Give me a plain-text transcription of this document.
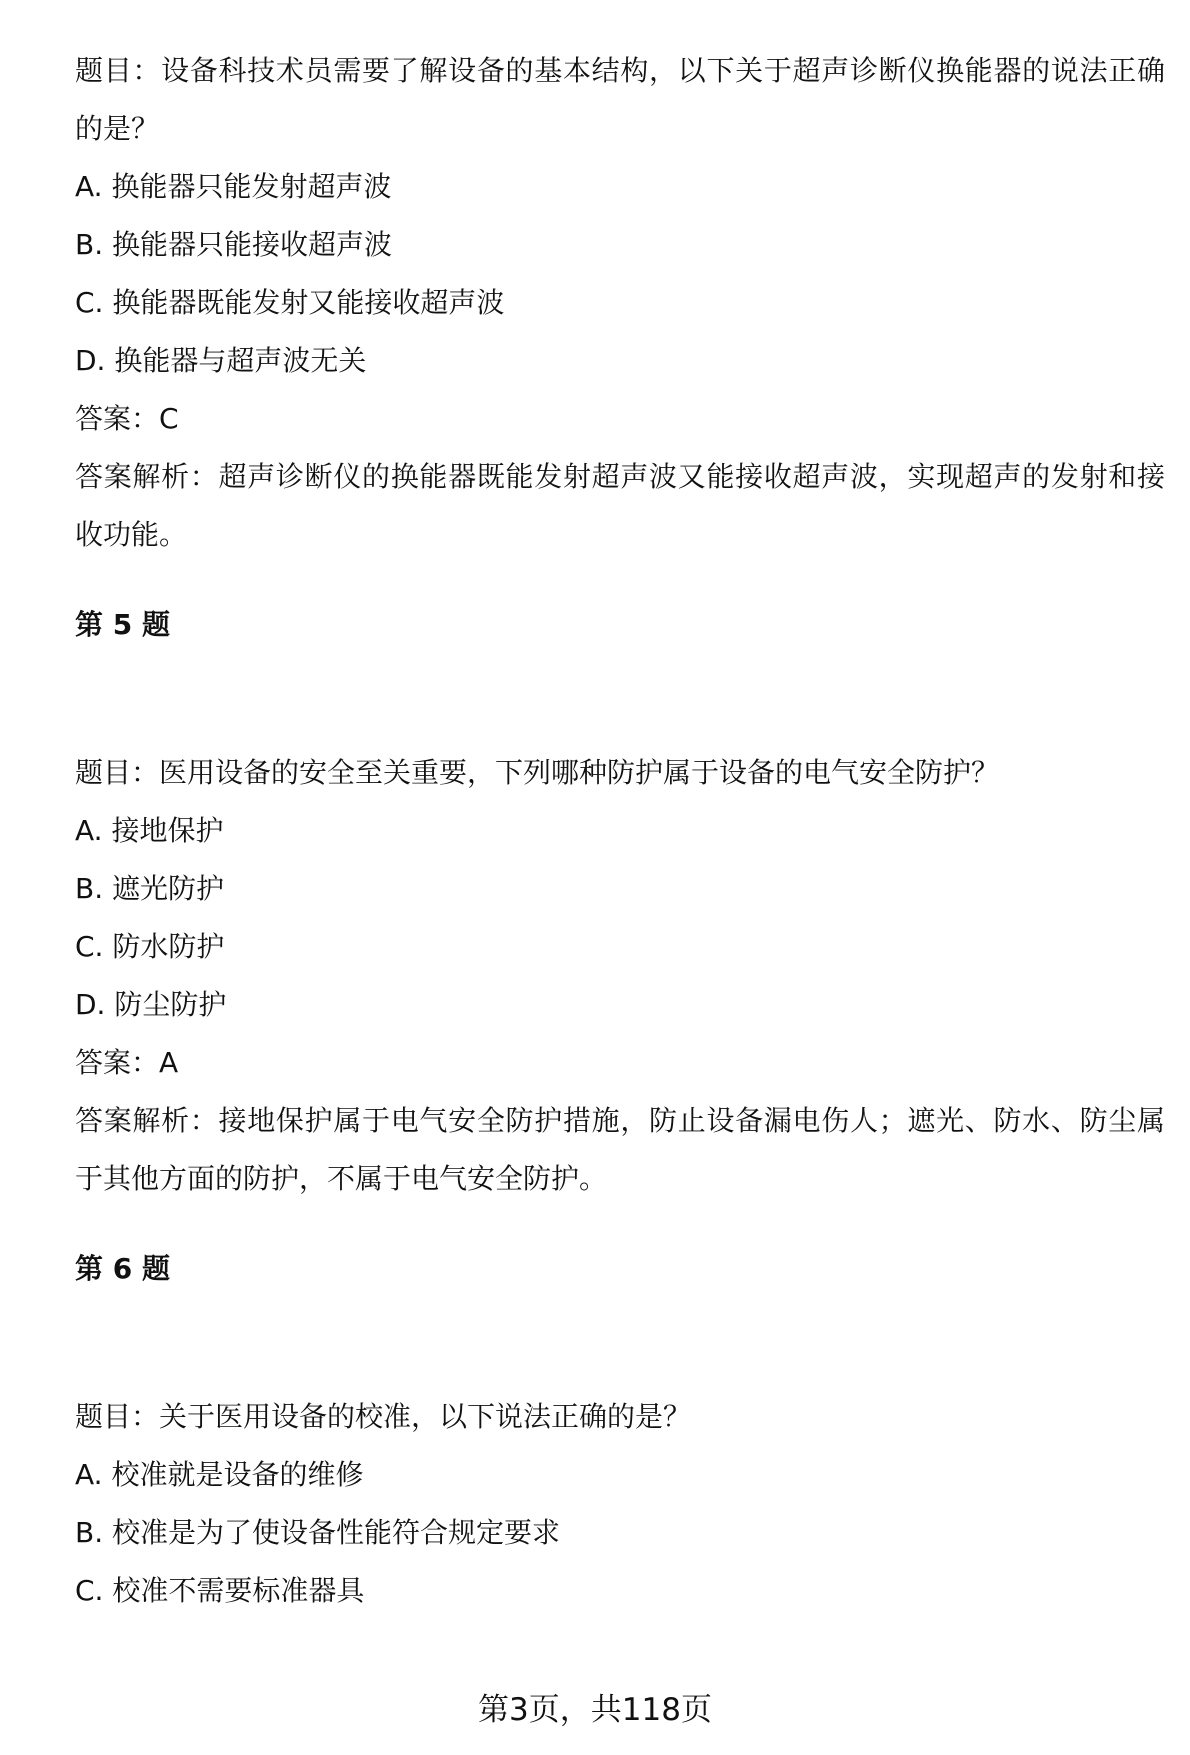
题目：设备科技术员需要了解设备的基本结构，以下关于超声诊断仪换能器的说法正确的是？
A. 换能器只能发射超声波
B. 换能器只能接收超声波
C. 换能器既能发射又能接收超声波
D. 换能器与超声波无关
答案：C
答案解析：超声诊断仪的换能器既能发射超声波又能接收超声波，实现超声的发射和接收功能。
第 5 题
题目：医用设备的安全至关重要，下列哪种防护属于设备的电气安全防护？
A. 接地保护
B. 遮光防护
C. 防水防护
D. 防尘防护
答案：A
答案解析：接地保护属于电气安全防护措施，防止设备漏电伤人；遮光、防水、防尘属于其他方面的防护，不属于电气安全防护。
第 6 题
题目：关于医用设备的校准，以下说法正确的是？
A. 校准就是设备的维修
B. 校准是为了使设备性能符合规定要求
C. 校准不需要标准器具
第3页，共118页
